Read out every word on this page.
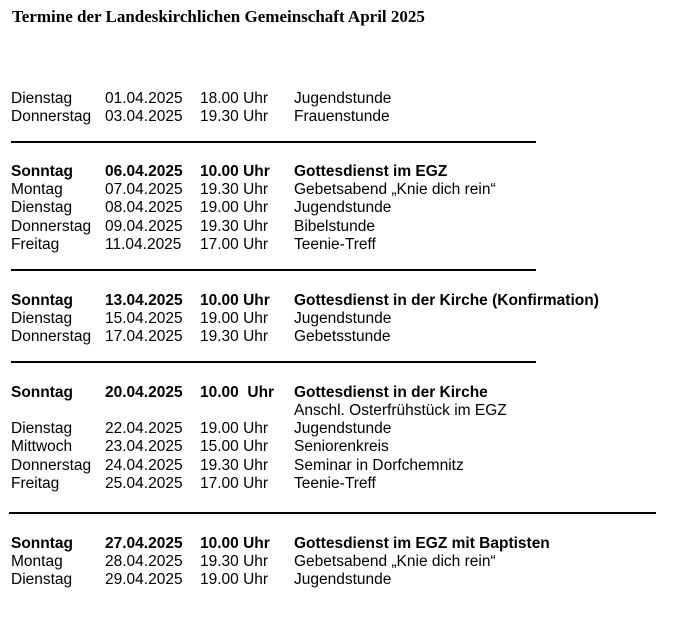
Termine der Landeskirchlichen Gemeinschaft April 2025
Dienstag 01.04.2025 18.00 Uhr Jugendstunde
Donnerstag 03.04.2025 19.30 Uhr Frauenstunde
Sonntag 06.04.2025 10.00 Uhr Gottesdienst im EGZ
Montag	07.04.2025 19.30 Uhr Gebetsabend „Knie dich rein“
Dienstag 08.04.2025 19.00 Uhr Jugendstunde
Donnerstag 09.04.2025 19.30 Uhr Bibelstunde
Freitag	11.04.2025 17.00 Uhr Teenie-Treff
Sonntag 13.04.2025 10.00 Uhr Gottesdienst in der Kirche (Konfirmation)
Dienstag 15.04.2025 19.00 Uhr Jugendstunde
Donnerstag 17.04.2025 19.30 Uhr Gebetsstunde
Sonntag 20.04.2025 10.00  Uhr Gottesdienst in der Kirche
Anschl. Osterfrühstück im EGZ
Dienstag 22.04.2025 19.00 Uhr Jugendstunde
Mittwoch 23.04.2025 15.00 Uhr Seniorenkreis
Donnerstag 24.04.2025 19.30 Uhr Seminar in Dorfchemnitz
Freitag	25.04.2025 17.00 Uhr Teenie-Treff
Sonntag 27.04.2025 10.00 Uhr Gottesdienst im EGZ mit Baptisten
Montag	28.04.2025 19.30 Uhr Gebetsabend „Knie dich rein“
Dienstag 29.04.2025 19.00 Uhr Jugendstunde
